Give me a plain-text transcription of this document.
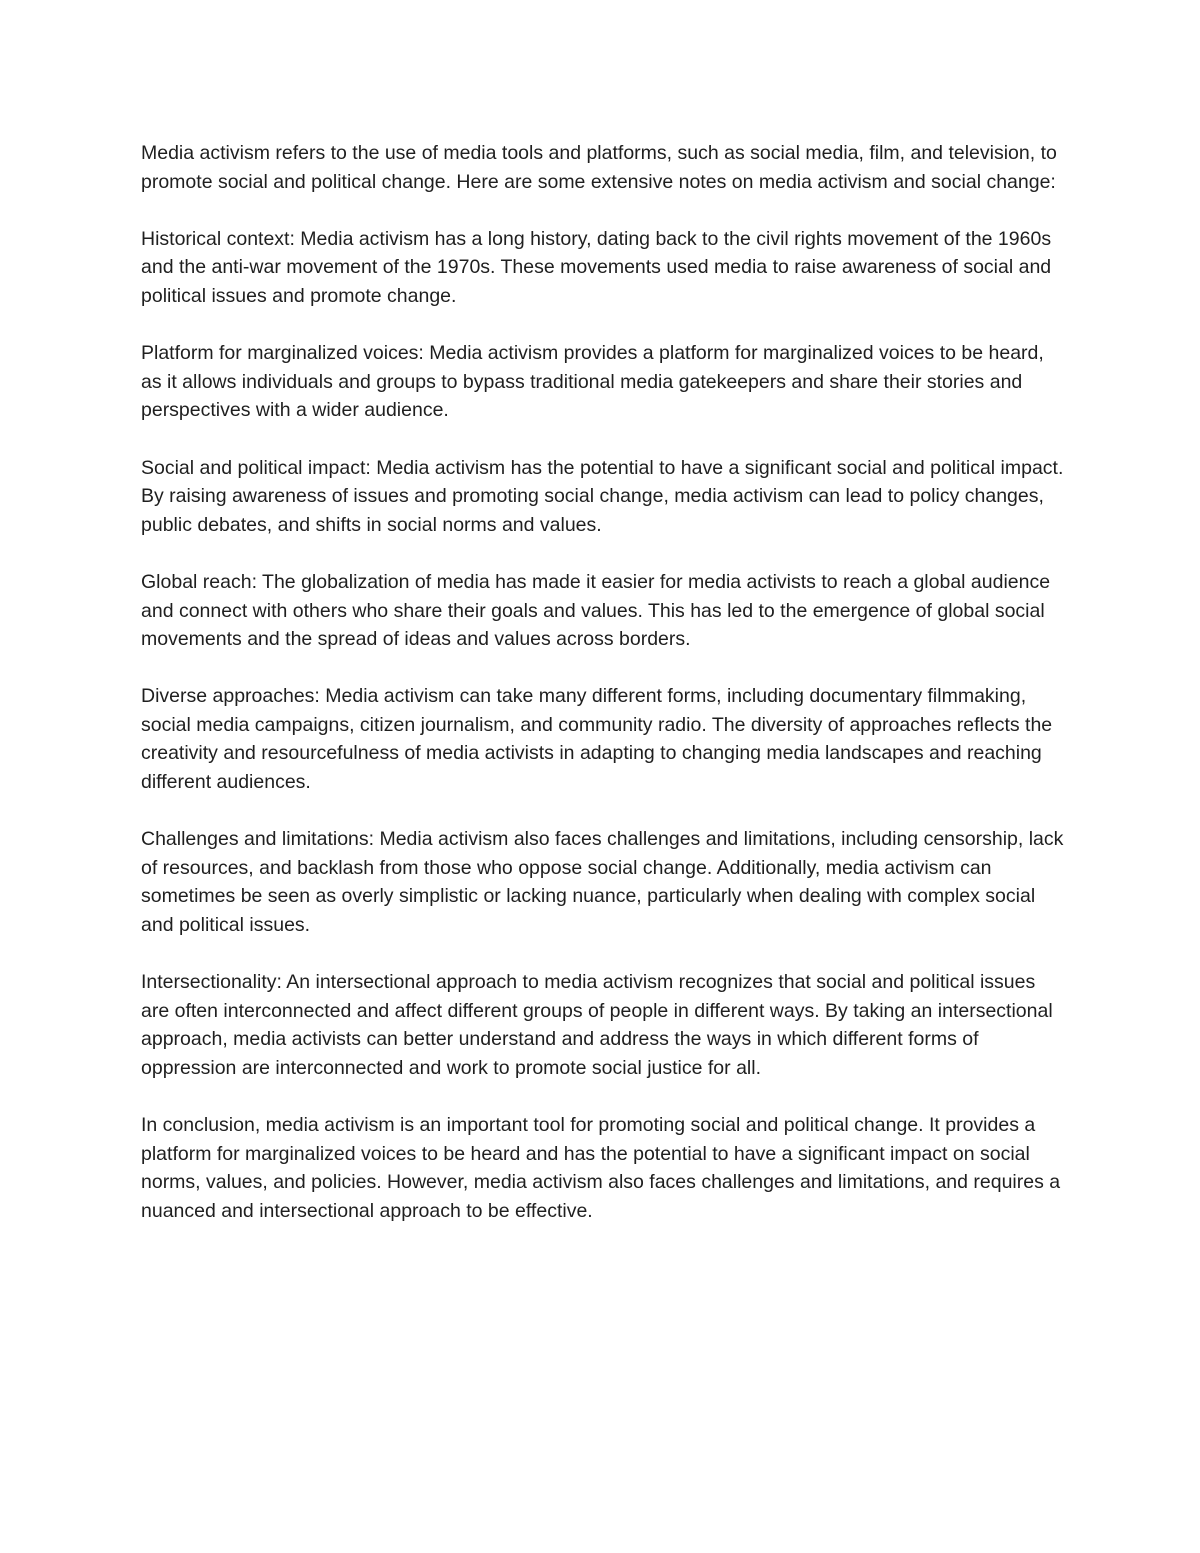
Media activism refers to the use of media tools and platforms, such as social media, film, and television, to promote social and political change. Here are some extensive notes on media activism and social change:

Historical context: Media activism has a long history, dating back to the civil rights movement of the 1960s and the anti-war movement of the 1970s. These movements used media to raise awareness of social and political issues and promote change.

Platform for marginalized voices: Media activism provides a platform for marginalized voices to be heard, as it allows individuals and groups to bypass traditional media gatekeepers and share their stories and perspectives with a wider audience.

Social and political impact: Media activism has the potential to have a significant social and political impact. By raising awareness of issues and promoting social change, media activism can lead to policy changes, public debates, and shifts in social norms and values.

Global reach: The globalization of media has made it easier for media activists to reach a global audience and connect with others who share their goals and values. This has led to the emergence of global social movements and the spread of ideas and values across borders.

Diverse approaches: Media activism can take many different forms, including documentary filmmaking, social media campaigns, citizen journalism, and community radio. The diversity of approaches reflects the creativity and resourcefulness of media activists in adapting to changing media landscapes and reaching different audiences.

Challenges and limitations: Media activism also faces challenges and limitations, including censorship, lack of resources, and backlash from those who oppose social change. Additionally, media activism can sometimes be seen as overly simplistic or lacking nuance, particularly when dealing with complex social and political issues.

Intersectionality: An intersectional approach to media activism recognizes that social and political issues are often interconnected and affect different groups of people in different ways. By taking an intersectional approach, media activists can better understand and address the ways in which different forms of oppression are interconnected and work to promote social justice for all.

In conclusion, media activism is an important tool for promoting social and political change. It provides a platform for marginalized voices to be heard and has the potential to have a significant impact on social norms, values, and policies. However, media activism also faces challenges and limitations, and requires a nuanced and intersectional approach to be effective.
